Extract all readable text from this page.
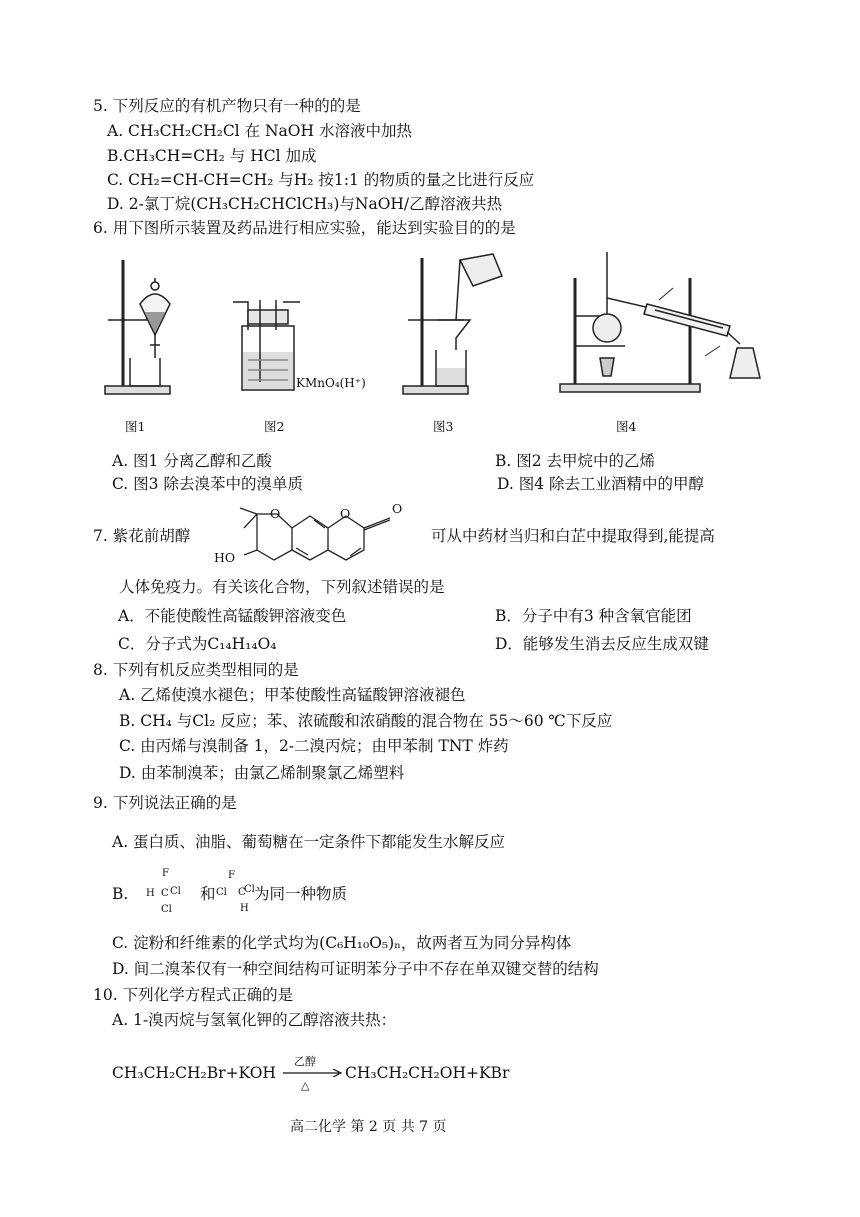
5. 下列反应的有机产物只有一种的的是
A. CH₃CH₂CH₂Cl 在 NaOH 水溶液中加热
B.CH₃CH=CH₂ 与 HCl 加成
C. CH₂=CH-CH=CH₂ 与H₂ 按1:1 的物质的量之比进行反应
D. 2-氯丁烷(CH₃CH₂CHClCH₃)与NaOH/乙醇溶液共热
6. 用下图所示装置及药品进行相应实验，能达到实验目的的是
KMnO₄(H⁺)
图1	图2	图3	图4
A. 图1 分离乙醇和乙酸	B. 图2 去甲烷中的乙烯
C. 图3 除去溴苯中的溴单质	D. 图4 除去工业酒精中的甲醇
7. 紫花前胡醇
O	O	O
HO
可从中药材当归和白芷中提取得到,能提高
人体免疫力。有关该化合物，下列叙述错误的是
A．不能使酸性高锰酸钾溶液变色	B．分子中有3 种含氧官能团
C．分子式为C₁₄H₁₄O₄	D．能够发生消去反应生成双键
8. 下列有机反应类型相同的是
A. 乙烯使溴水褪色；甲苯使酸性高锰酸钾溶液褪色
B. CH₄ 与Cl₂ 反应；苯、浓硫酸和浓硝酸的混合物在 55～60 ℃下反应
C. 由丙烯与溴制备 1，2-二溴丙烷；由甲苯制 TNT 炸药
D. 由苯制溴苯；由氯乙烯制聚氯乙烯塑料
9. 下列说法正确的是
A. 蛋白质、油脂、葡萄糖在一定条件下都能发生水解反应
B.
F
H C Cl
Cl
和
F
Cl C
Cl
H
为同一种物质
C. 淀粉和纤维素的化学式均为(C₆H₁₀O₅)ₙ，故两者互为同分异构体
D. 间二溴苯仅有一种空间结构可证明苯分子中不存在单双键交替的结构
10. 下列化学方程式正确的是
A. 1-溴丙烷与氢氧化钾的乙醇溶液共热：
CH₃CH₂CH₂Br+KOH
乙醇
△
CH₃CH₂CH₂OH+KBr
高二化学 第 2 页 共 7 页
